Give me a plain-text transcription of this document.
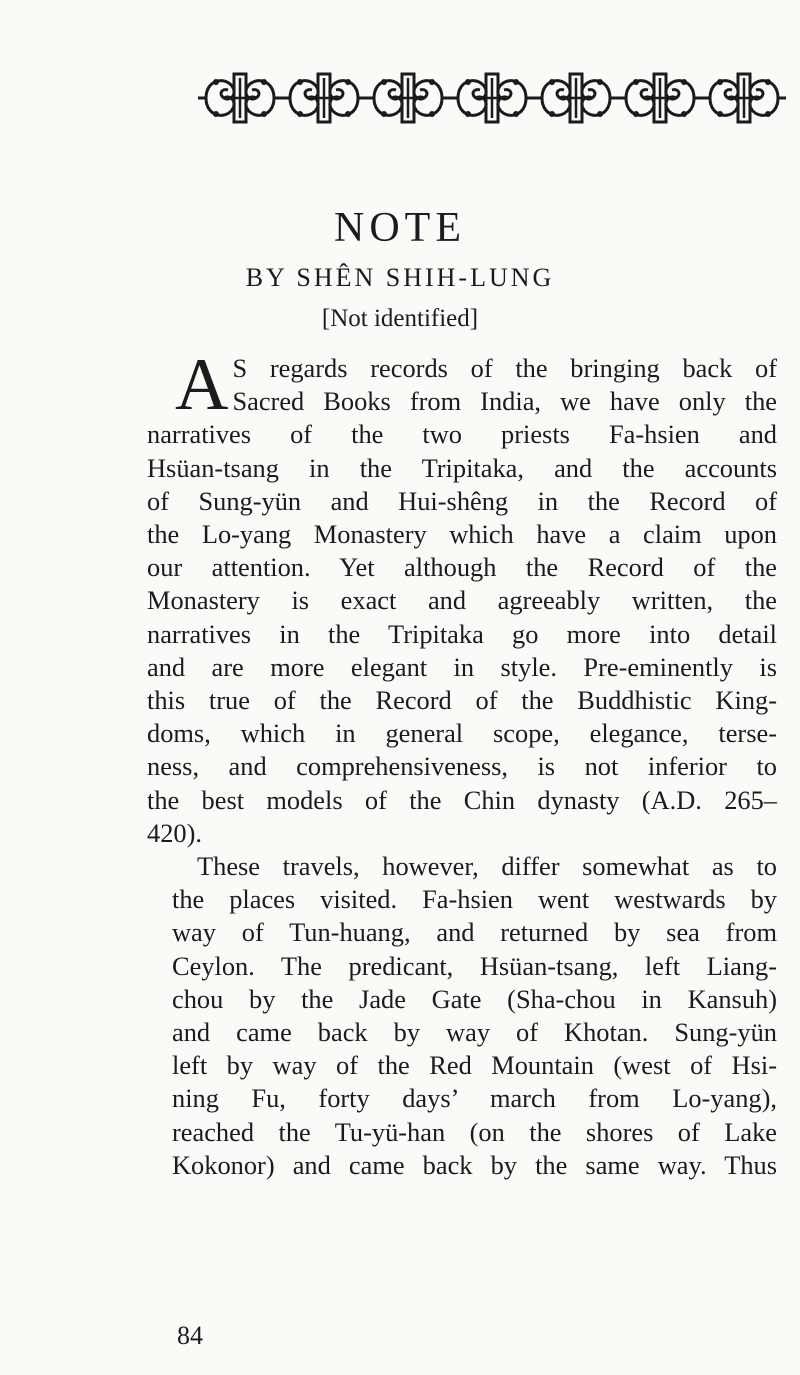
NOTE
BY SHÊN SHIH-LUNG
[Not identified]

A S regards records of the bringing back of
Sacred Books from India, we have only the
narratives of the two priests Fa-hsien and
Hsüan-tsang in the Tripitaka, and the accounts
of Sung-yün and Hui-shêng in the Record of
the Lo-yang Monastery which have a claim upon
our attention. Yet although the Record of the
Monastery is exact and agreeably written, the
narratives in the Tripitaka go more into detail
and are more elegant in style. Pre-eminently is
this true of the Record of the Buddhistic King-
doms, which in general scope, elegance, terse-
ness, and comprehensiveness, is not inferior to
the best models of the Chin dynasty (A.D. 265–
420).

These travels, however, differ somewhat as to
the places visited. Fa-hsien went westwards by
way of Tun-huang, and returned by sea from
Ceylon. The predicant, Hsüan-tsang, left Liang-
chou by the Jade Gate (Sha-chou in Kansuh)
and came back by way of Khotan. Sung-yün
left by way of the Red Mountain (west of Hsi-
ning Fu, forty days’ march from Lo-yang),
reached the Tu-yü-han (on the shores of Lake
Kokonor) and came back by the same way. Thus

84
